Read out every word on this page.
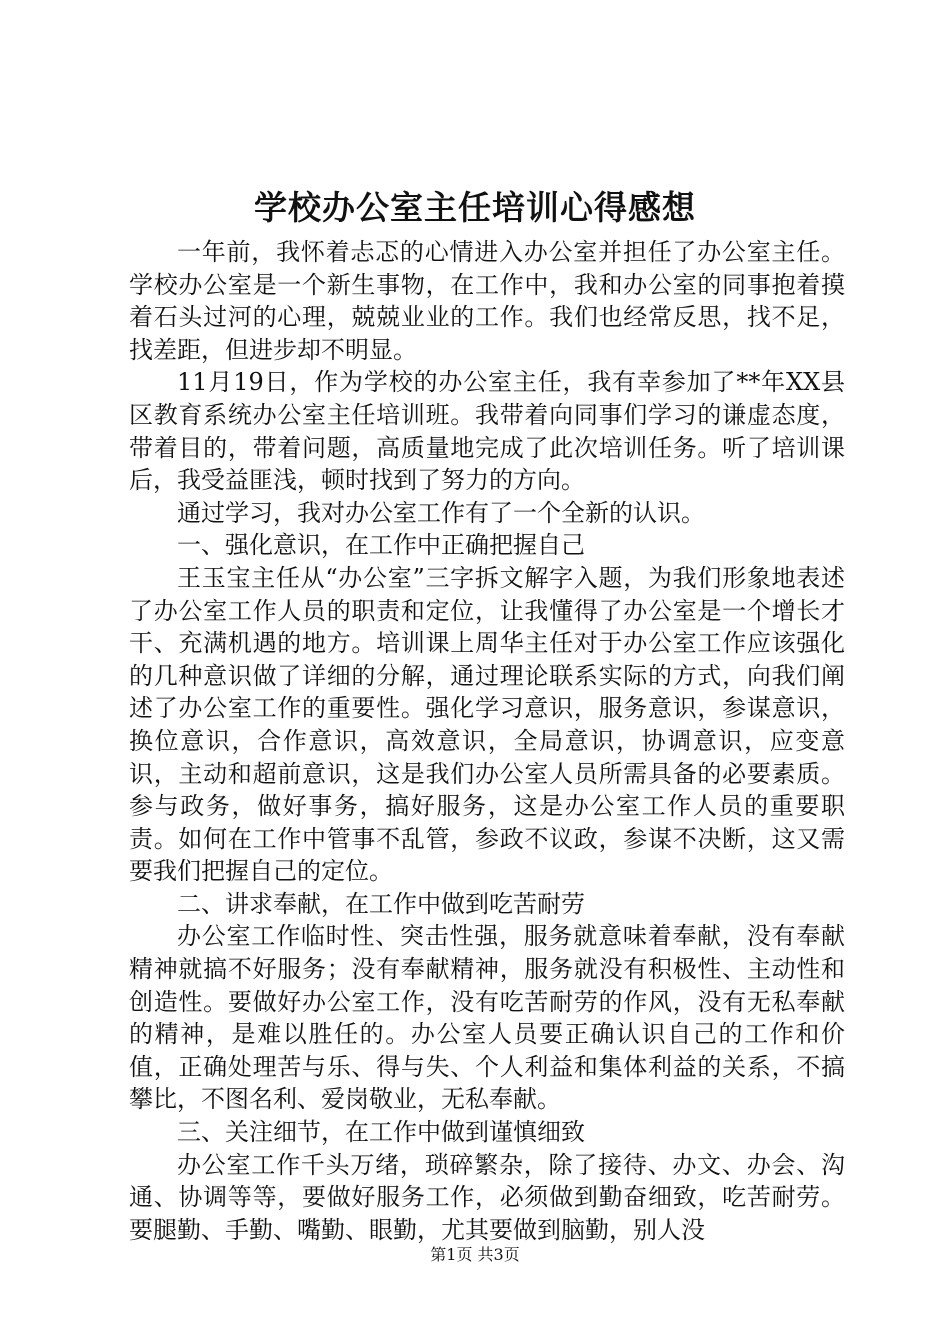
学校办公室主任培训心得感想

一年前，我怀着忐忑的心情进入办公室并担任了办公室主任。学校办公室是一个新生事物，在工作中，我和办公室的同事抱着摸着石头过河的心理，兢兢业业的工作。我们也经常反思，找不足，找差距，但进步却不明显。

11月19日，作为学校的办公室主任，我有幸参加了**年XX县区教育系统办公室主任培训班。我带着向同事们学习的谦虚态度，带着目的，带着问题，高质量地完成了此次培训任务。听了培训课后，我受益匪浅，顿时找到了努力的方向。

通过学习，我对办公室工作有了一个全新的认识。

一、强化意识，在工作中正确把握自己

王玉宝主任从“办公室”三字拆文解字入题，为我们形象地表述了办公室工作人员的职责和定位，让我懂得了办公室是一个增长才干、充满机遇的地方。培训课上周华主任对于办公室工作应该强化的几种意识做了详细的分解，通过理论联系实际的方式，向我们阐述了办公室工作的重要性。强化学习意识，服务意识，参谋意识，换位意识，合作意识，高效意识，全局意识，协调意识，应变意识，主动和超前意识，这是我们办公室人员所需具备的必要素质。参与政务，做好事务，搞好服务，这是办公室工作人员的重要职责。如何在工作中管事不乱管，参政不议政，参谋不决断，这又需要我们把握自己的定位。

二、讲求奉献，在工作中做到吃苦耐劳

办公室工作临时性、突击性强，服务就意味着奉献，没有奉献精神就搞不好服务；没有奉献精神，服务就没有积极性、主动性和创造性。要做好办公室工作，没有吃苦耐劳的作风，没有无私奉献的精神，是难以胜任的。办公室人员要正确认识自己的工作和价值，正确处理苦与乐、得与失、个人利益和集体利益的关系，不搞攀比，不图名利、爱岗敬业，无私奉献。

三、关注细节，在工作中做到谨慎细致

办公室工作千头万绪，琐碎繁杂，除了接待、办文、办会、沟通、协调等等，要做好服务工作，必须做到勤奋细致，吃苦耐劳。要腿勤、手勤、嘴勤、眼勤，尤其要做到脑勤，别人没

第1页 共3页
